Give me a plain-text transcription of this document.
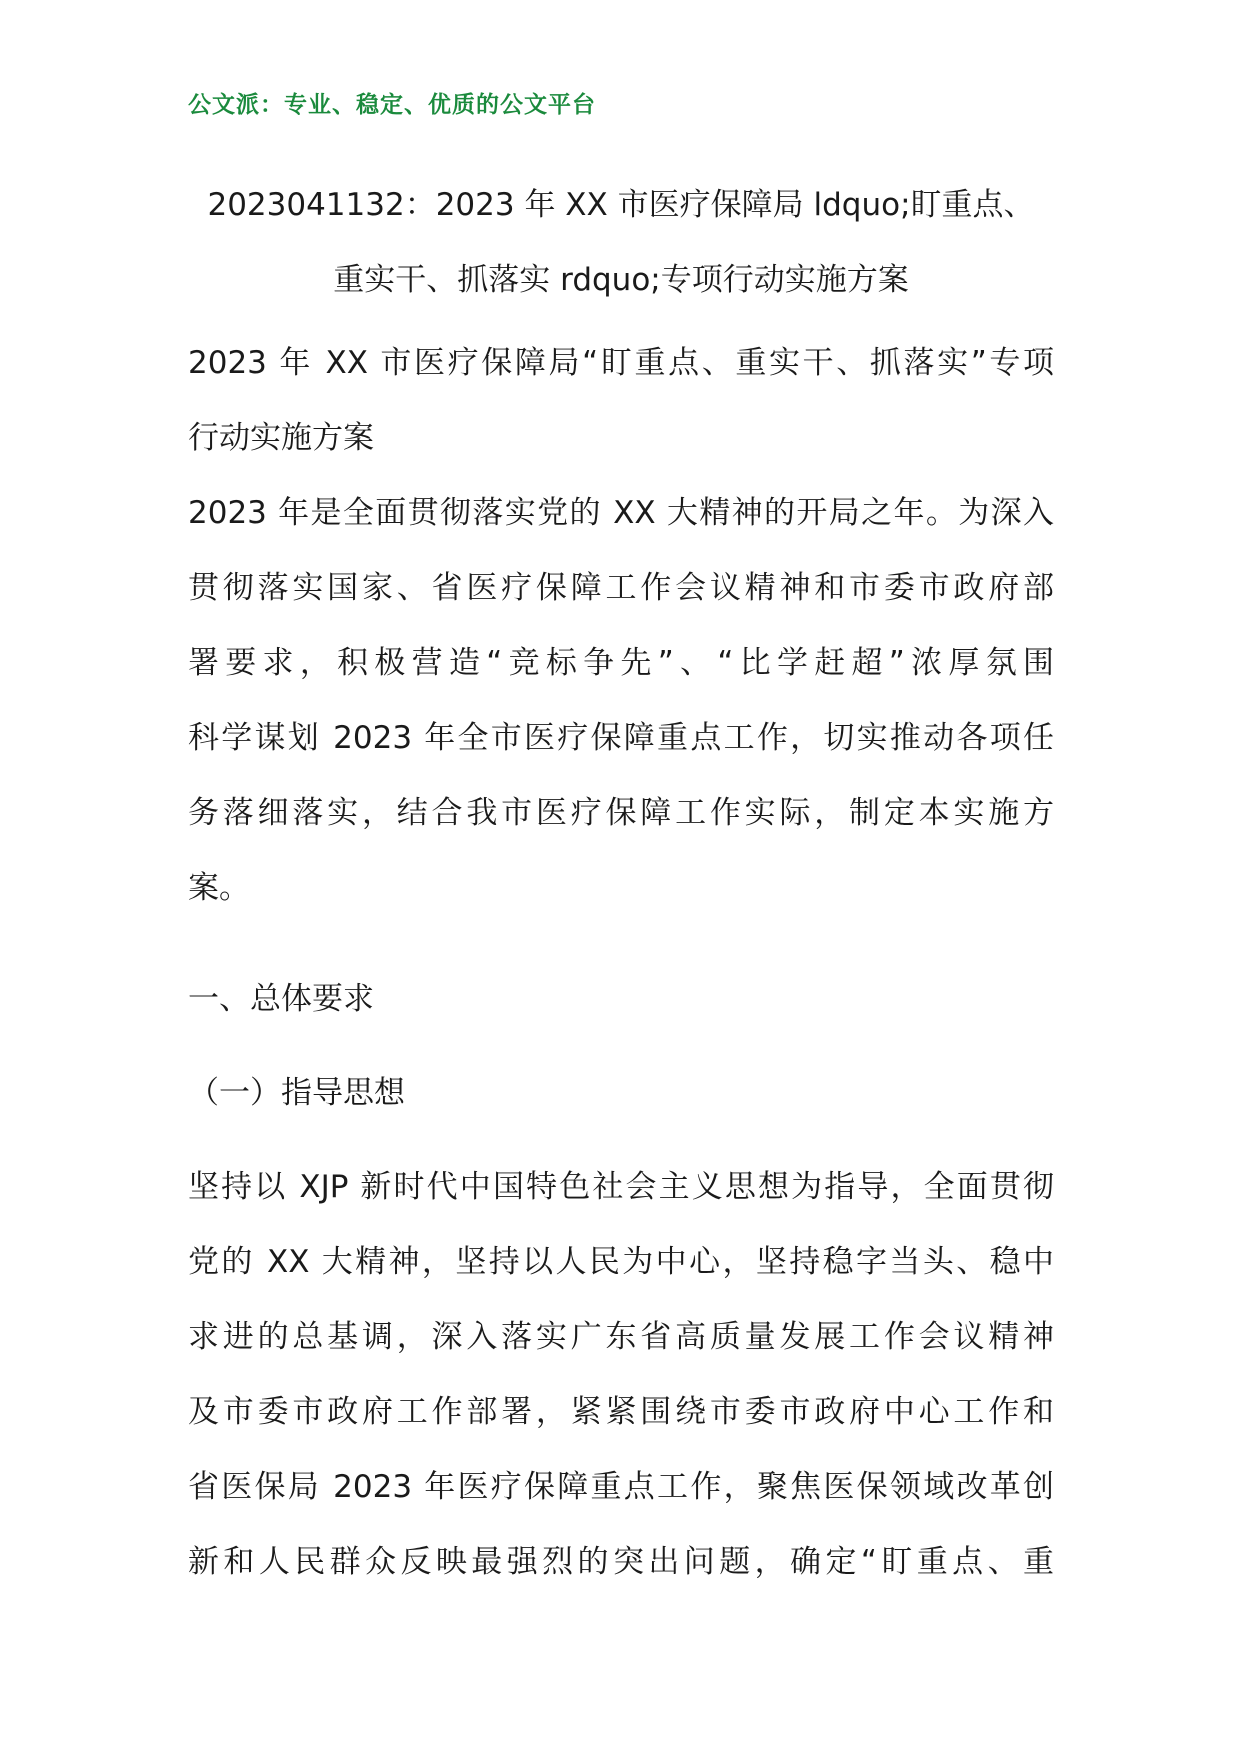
公文派：专业、稳定、优质的公文平台
2023041132：2023 年 XX 市医疗保障局 ldquo;盯重点、
重实干、抓落实 rdquo;专项行动实施方案

2023 年 XX 市医疗保障局“盯重点、重实干、抓落实”专项
行动实施方案

2023 年是全面贯彻落实党的 XX 大精神的开局之年。为深入
贯彻落实国家、省医疗保障工作会议精神和市委市政府部
署要求，积极营造“竞标争先”、“比学赶超”浓厚氛围
科学谋划 2023 年全市医疗保障重点工作，切实推动各项任
务落细落实，结合我市医疗保障工作实际，制定本实施方
案。

一、总体要求

（一）指导思想

坚持以 XJP 新时代中国特色社会主义思想为指导，全面贯彻
党的 XX 大精神，坚持以人民为中心，坚持稳字当头、稳中
求进的总基调，深入落实广东省高质量发展工作会议精神
及市委市政府工作部署，紧紧围绕市委市政府中心工作和
省医保局 2023 年医疗保障重点工作，聚焦医保领域改革创
新和人民群众反映最强烈的突出问题，确定“盯重点、重
